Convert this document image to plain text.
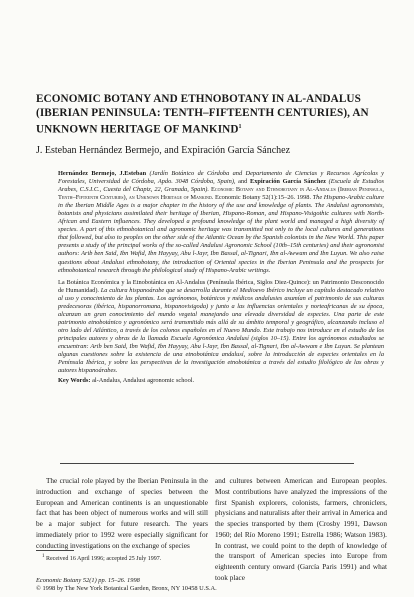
ECONOMIC BOTANY AND ETHNOBOTANY IN AL-ANDALUS (IBERIAN PENINSULA: TENTH–FIFTEENTH CENTURIES), AN UNKNOWN HERITAGE OF MANKIND$^1$
J. Esteban Hernández Bermejo, and Expiración García Sánchez

Hernández Bermejo, J.Esteban (Jardín Botánico de Córdoba and Departamento de Ciencias y Recursos Agrícolas y Forestales, Universidad de Córdoba, Apdo. 3048 Córdoba, Spain), and Expiración García Sánchez (Escuela de Estudios Arabes, C.S.I.C., Cuesta del Chapiz, 22, Granada, Spain). Economic Botany and Ethnobotany in Al-Andalus (Iberian Peninsula, Tenth–Fifteenth Centuries), an Unknown Heritage of Mankind. Economic Botany 52(1):15–26. 1998. The Hispano-Arabic culture in the Iberian Middle Ages is a major chapter in the history of the use and knowledge of plants. The Andalusi agronomists, botanists and physicians assimilated their heritage of Iberian, Hispano-Roman, and Hispano-Visigothic cultures with North-African and Eastern influences. They developed a profound knowledge of the plant world and managed a high diversity of species. A part of this ethnobotanical and agronomic heritage was transmitted not only to the local cultures and generations that followed, but also to peoples on the other side of the Atlantic Ocean by the Spanish colonists in the New World. This paper presents a study of the principal works of the so-called Andalusi Agronomic School (10th–15th centuries) and their agronomist authors: Arib ben Said, Ibn Wafid, Ibn Hayyay, Abu l-Jayr, Ibn Bassal, al-Tignari, Ibn al-Awwam and Ibn Luyun. We also raise questions about Andalusi ethnobotany, the introduction of Oriental species in the Iberian Peninsula and the prospects for ethnobotanical research through the philological study of Hispano-Arabic writings.

La Botánica Económica y la Etnobotánica en Al-Andalus (Península Ibérica, Siglos Diez-Quince): un Patrimonio Desconocido de Humanidad). La cultura hispanoárabe que se desarrolla durante el Medioevo Ibérico incluye un capítulo destacado relativo al uso y conocimiento de las plantas. Los agrónomos, botánicos y médicos andalusies asumían el patrimonio de sus culturas predecesoras (ibérica, hispanorromana, hispanovisigoda) y junto a las influencias orientales y norteafricanas de su época, alcanzan un gran conocimiento del mundo vegetal manejando una elevada diversidad de especies. Una parte de este patrimonio etnobotánico y agronómico será transmitido más allá de su ámbito temporal y geográfico, alcanzando incluso el otro lado del Atlántico, a través de los colonos españoles en el Nuevo Mundo. Este trabajo nos introduce en el estudio de los principales autores y obras de la llamada Escuela Agronómica Andalusí (siglos 10–15). Entre los agrónomos estudiados se encuentran: Arib ben Said, Ibn Wafid, Ibn Hayyay, Abu l-Jayr, Ibn Bassal, al-Tignari, Ibn al-Awwam e Ibn Luyun. Se plantean algunas cuestiones sobre la existencia de una etnobotánica andalusí, sobre la introducción de especies orientales en la Península Ibérica, y sobre las perspectivas de la investigación etnobotánica a través del estudio filológico de las obras y autores hispanoárabes.

Key Words: al-Andalus, Andalusi agronomic school.

The crucial role played by the Iberian Peninsula in the introduction and exchange of species between the European and American continents is an unquestionable fact that has been object of numerous works and will still be a major subject for future research. The years immediately prior to 1992 were especially significant for conducting investigations on the exchange of species

and cultures between American and European peoples. Most contributions have analyzed the impressions of the first Spanish explorers, colonists, farmers, chroniclers, physicians and naturalists after their arrival in America and the species transported by them (Crosby 1991, Dawson 1960; del Río Moreno 1991; Estrella 1986; Watson 1983). In contrast, we could point to the depth of knowledge of the transport of American species into Europe from eighteenth century onward (García Paris 1991) and what took place

$^1$ Received 16 April 1996; accepted 25 July 1997.
Economic Botany 52(1) pp. 15–26. 1998
© 1998 by The New York Botanical Garden, Bronx, NY 10458 U.S.A.
